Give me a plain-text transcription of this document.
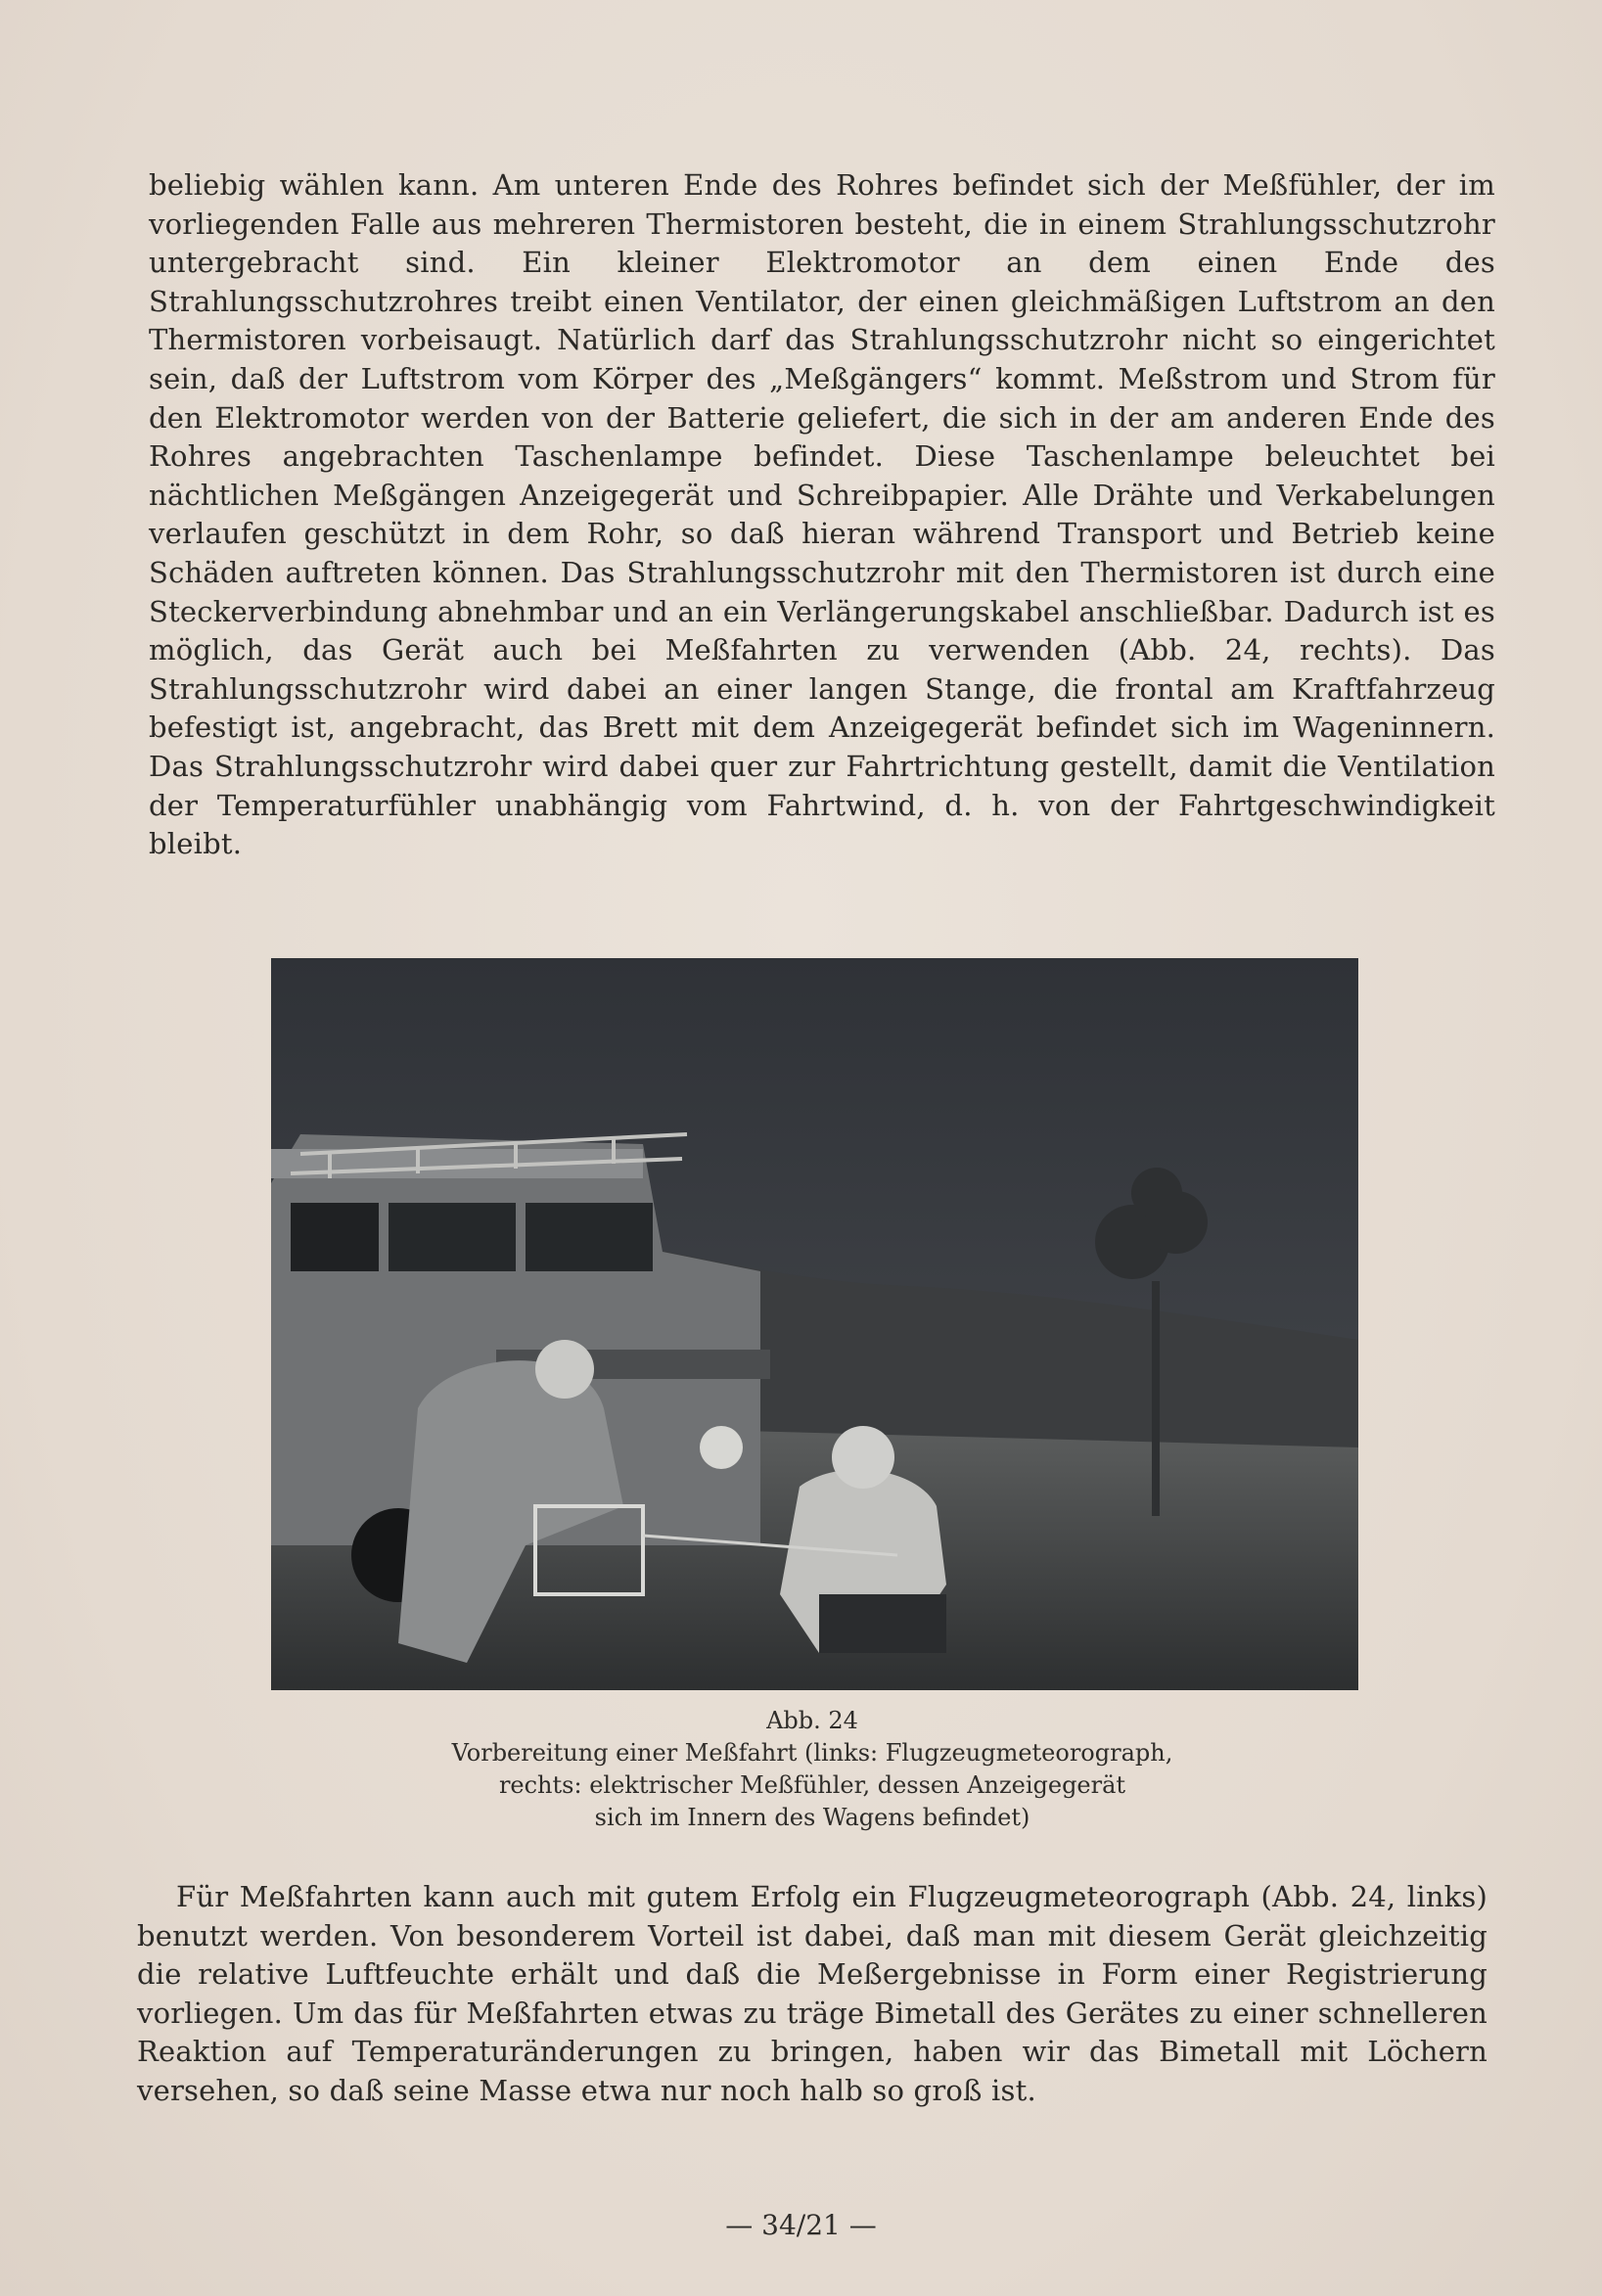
beliebig wählen kann. Am unteren Ende des Rohres befindet sich der Meßfühler, der im vorliegenden Falle aus mehreren Thermistoren besteht, die in einem Strahlungsschutzrohr untergebracht sind. Ein kleiner Elektromotor an dem einen Ende des Strahlungsschutzrohres treibt einen Ventilator, der einen gleichmäßigen Luftstrom an den Thermistoren vorbeisaugt. Natürlich darf das Strahlungsschutzrohr nicht so eingerichtet sein, daß der Luftstrom vom Körper des „Meßgängers“ kommt. Meßstrom und Strom für den Elektromotor werden von der Batterie geliefert, die sich in der am anderen Ende des Rohres angebrachten Taschenlampe befindet. Diese Taschenlampe beleuchtet bei nächtlichen Meßgängen Anzeigegerät und Schreibpapier. Alle Drähte und Verkabelungen verlaufen geschützt in dem Rohr, so daß hieran während Transport und Betrieb keine Schäden auftreten können. Das Strahlungsschutzrohr mit den Thermistoren ist durch eine Steckerverbindung abnehmbar und an ein Verlängerungskabel anschließbar. Dadurch ist es möglich, das Gerät auch bei Meßfahrten zu verwenden (Abb. 24, rechts). Das Strahlungsschutzrohr wird dabei an einer langen Stange, die frontal am Kraftfahrzeug befestigt ist, angebracht, das Brett mit dem Anzeigegerät befindet sich im Wageninnern. Das Strahlungsschutzrohr wird dabei quer zur Fahrtrichtung gestellt, damit die Ventilation der Temperaturfühler unabhängig vom Fahrtwind, d. h. von der Fahrtgeschwindigkeit bleibt.

Abb. 24
Vorbereitung einer Meßfahrt (links: Flugzeugmeteorograph,
rechts: elektrischer Meßfühler, dessen Anzeigegerät
sich im Innern des Wagens befindet)

Für Meßfahrten kann auch mit gutem Erfolg ein Flugzeugmeteorograph (Abb. 24, links) benutzt werden. Von besonderem Vorteil ist dabei, daß man mit diesem Gerät gleichzeitig die relative Luftfeuchte erhält und daß die Meßergebnisse in Form einer Registrierung vorliegen. Um das für Meßfahrten etwas zu träge Bimetall des Gerätes zu einer schnelleren Reaktion auf Temperaturänderungen zu bringen, haben wir das Bimetall mit Löchern versehen, so daß seine Masse etwa nur noch halb so groß ist.

— 34/21 —
